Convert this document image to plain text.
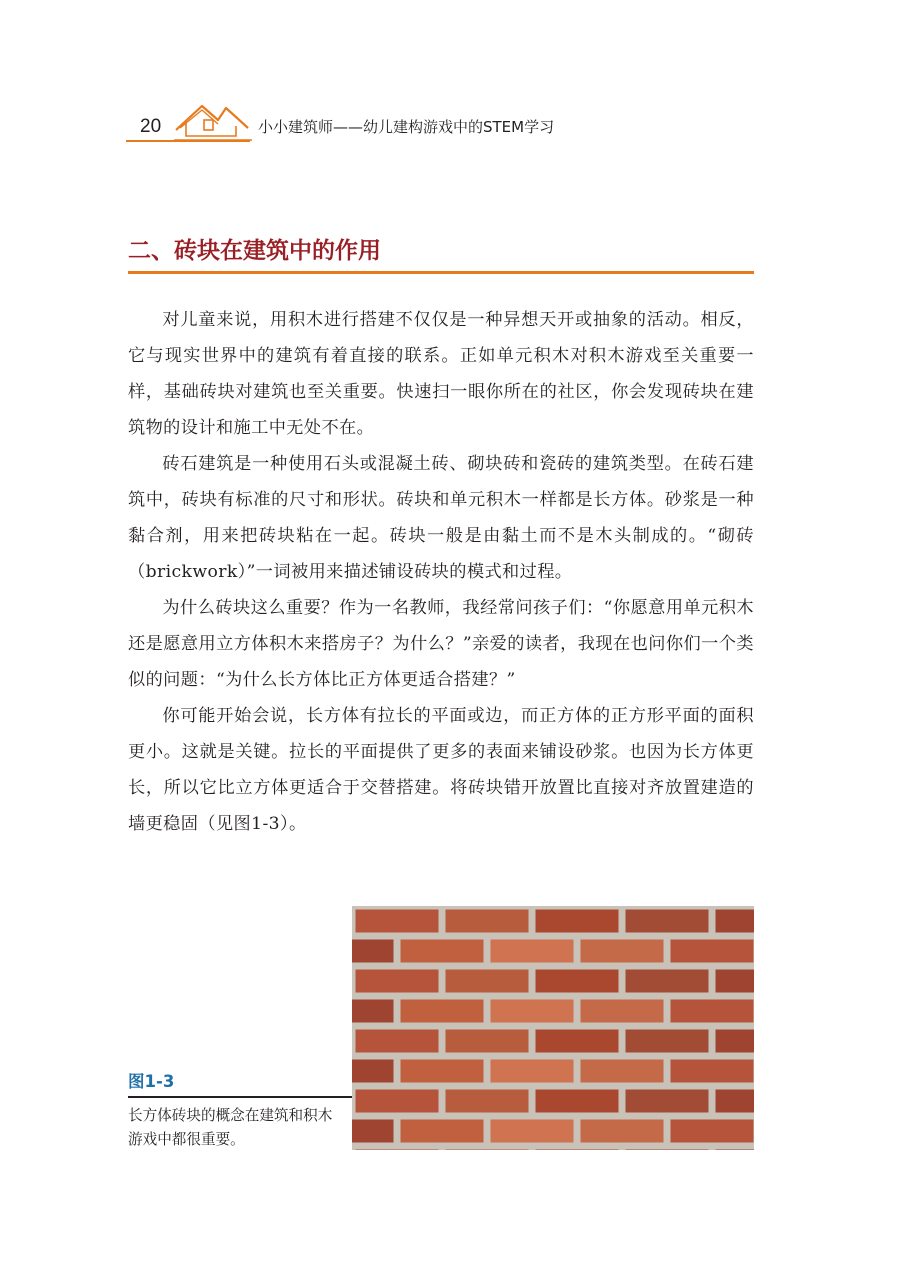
20	小小建筑师——幼儿建构游戏中的STEM学习
二、砖块在建筑中的作用

对儿童来说，用积木进行搭建不仅仅是一种异想天开或抽象的活动。相反，它与现实世界中的建筑有着直接的联系。正如单元积木对积木游戏至关重要一样，基础砖块对建筑也至关重要。快速扫一眼你所在的社区，你会发现砖块在建筑物的设计和施工中无处不在。

砖石建筑是一种使用石头或混凝土砖、砌块砖和瓷砖的建筑类型。在砖石建筑中，砖块有标准的尺寸和形状。砖块和单元积木一样都是长方体。砂浆是一种黏合剂，用来把砖块粘在一起。砖块一般是由黏土而不是木头制成的。“砌砖（brickwork）”一词被用来描述铺设砖块的模式和过程。

为什么砖块这么重要？作为一名教师，我经常问孩子们：“你愿意用单元积木还是愿意用立方体积木来搭房子？为什么？”亲爱的读者，我现在也问你们一个类似的问题：“为什么长方体比正方体更适合搭建？”

你可能开始会说，长方体有拉长的平面或边，而正方体的正方形平面的面积更小。这就是关键。拉长的平面提供了更多的表面来铺设砂浆。也因为长方体更长，所以它比立方体更适合于交替搭建。将砖块错开放置比直接对齐放置建造的墙更稳固（见图1-3）。

图1-3
长方体砖块的概念在建筑和积木游戏中都很重要。
